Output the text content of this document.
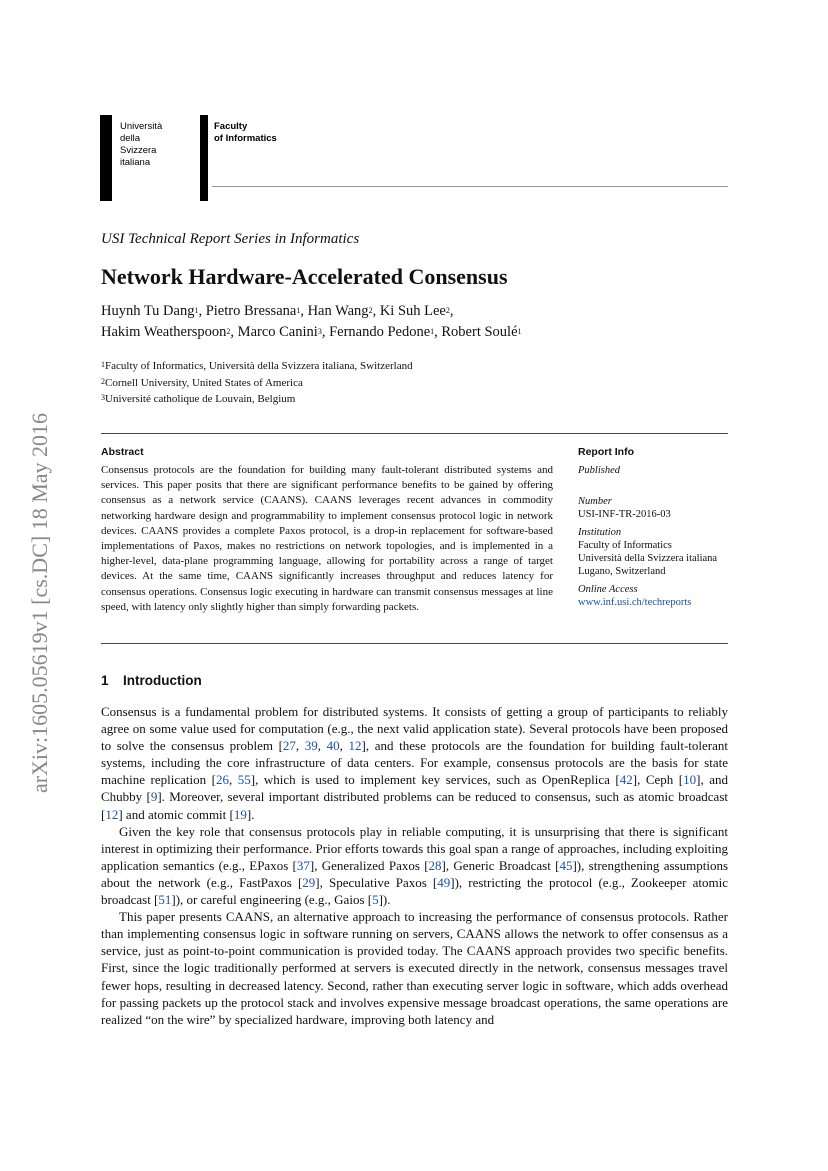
Università
della
Svizzera
italiana
Faculty
of Informatics
arXiv:1605.05619v1 [cs.DC] 18 May 2016
USI Technical Report Series in Informatics
Network Hardware-Accelerated Consensus
Huynh Tu Dang$^1$, Pietro Bressana$^1$, Han Wang$^2$, Ki Suh Lee$^2$,
Hakim Weatherspoon$^2$, Marco Canini$^3$, Fernando Pedone$^1$, Robert Soulé$^1$
$^1$Faculty of Informatics, Università della Svizzera italiana, Switzerland
$^2$Cornell University, United States of America
$^3$Université catholique de Louvain, Belgium
Abstract
Consensus protocols are the foundation for building many fault-tolerant distributed systems and services. This paper posits that there are significant performance benefits to be gained by offering consensus as a network service (CAANS). CAANS leverages recent advances in commodity networking hardware design and programmability to implement consensus protocol logic in network devices. CAANS provides a complete Paxos protocol, is a drop-in replacement for software-based implementations of Paxos, makes no restrictions on network topologies, and is implemented in a higher-level, data-plane programming language, allowing for portability across a range of target devices. At the same time, CAANS significantly increases throughput and reduces latency for consensus operations. Consensus logic executing in hardware can transmit consensus messages at line speed, with latency only slightly higher than simply forwarding packets.
Report Info
Published
Number
USI-INF-TR-2016-03
Institution
Faculty of Informatics
Università della Svizzera italiana
Lugano, Switzerland
Online Access
www.inf.usi.ch/techreports
1 Introduction

Consensus is a fundamental problem for distributed systems. It consists of getting a group of participants to reliably agree on some value used for computation (e.g., the next valid application state). Several protocols have been proposed to solve the consensus problem [27, 39, 40, 12], and these protocols are the foundation for building fault-tolerant systems, including the core infrastructure of data centers. For example, consensus protocols are the basis for state machine replication [26, 55], which is used to implement key services, such as OpenReplica [42], Ceph [10], and Chubby [9]. Moreover, several important distributed problems can be reduced to consensus, such as atomic broadcast [12] and atomic commit [19].

Given the key role that consensus protocols play in reliable computing, it is unsurprising that there is significant interest in optimizing their performance. Prior efforts towards this goal span a range of approaches, including exploiting application semantics (e.g., EPaxos [37], Generalized Paxos [28], Generic Broadcast [45]), strengthening assumptions about the network (e.g., FastPaxos [29], Speculative Paxos [49]), restricting the protocol (e.g., Zookeeper atomic broadcast [51]), or careful engineering (e.g., Gaios [5]).

This paper presents CAANS, an alternative approach to increasing the performance of consensus protocols. Rather than implementing consensus logic in software running on servers, CAANS allows the network to offer consensus as a service, just as point-to-point communication is provided today. The CAANS approach provides two specific benefits. First, since the logic traditionally performed at servers is executed directly in the network, consensus messages travel fewer hops, resulting in decreased latency. Second, rather than executing server logic in software, which adds overhead for passing packets up the protocol stack and involves expensive message broadcast operations, the same operations are realized “on the wire” by specialized hardware, improving both latency and
